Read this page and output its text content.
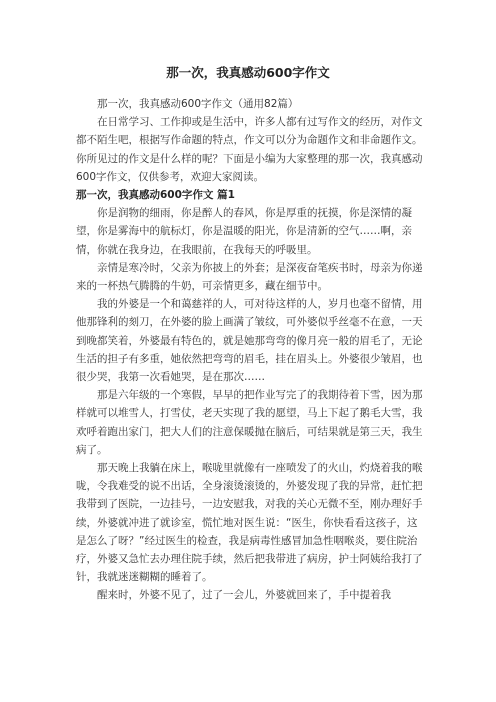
那一次，我真感动600字作文

那一次，我真感动600字作文（通用82篇）

在日常学习、工作抑或是生活中，许多人都有过写作文的经历，对作文都不陌生吧，根据写作命题的特点，作文可以分为命题作文和非命题作文。你所见过的作文是什么样的呢？下面是小编为大家整理的那一次，我真感动600字作文，仅供参考，欢迎大家阅读。

那一次，我真感动600字作文 篇1

你是润物的细雨，你是醉人的春风，你是厚重的抚摸，你是深情的凝望，你是雾海中的航标灯，你是温暖的阳光，你是清新的空气……啊，亲情，你就在我身边，在我眼前，在我每天的呼吸里。

亲情是寒冷时，父亲为你披上的外套；是深夜奋笔疾书时，母亲为你递来的一杯热气腾腾的牛奶，可亲情更多，藏在细节中。

我的外婆是一个和蔼慈祥的人，可对待这样的人，岁月也毫不留情，用他那锋利的刻刀，在外婆的脸上画满了皱纹，可外婆似乎丝毫不在意，一天到晚都笑着，外婆最有特色的，就是她那弯弯的像月亮一般的眉毛了，无论生活的担子有多重，她依然把弯弯的眉毛，挂在眉头上。外婆很少皱眉，也很少哭，我第一次看她哭，是在那次……

那是六年级的一个寒假，早早的把作业写完了的我期待着下雪，因为那样就可以堆雪人，打雪仗，老天实现了我的愿望，马上下起了鹅毛大雪，我欢呼着跑出家门，把大人们的注意保暖抛在脑后，可结果就是第三天，我生病了。

那天晚上我躺在床上，喉咙里就像有一座喷发了的火山，灼烧着我的喉咙，令我难受的说不出话，全身滚烫滚烫的，外婆发现了我的异常，赶忙把我带到了医院，一边挂号，一边安慰我，对我的关心无微不至，刚办理好手续，外婆就冲进了就诊室，慌忙地对医生说：“医生，你快看看这孩子，这是怎么了呀？”经过医生的检查，我是病毒性感冒加急性咽喉炎，要住院治疗，外婆又急忙去办理住院手续，然后把我带进了病房，护士阿姨给我打了针，我就迷迷糊糊的睡着了。

醒来时，外婆不见了，过了一会儿，外婆就回来了，手中提着我
